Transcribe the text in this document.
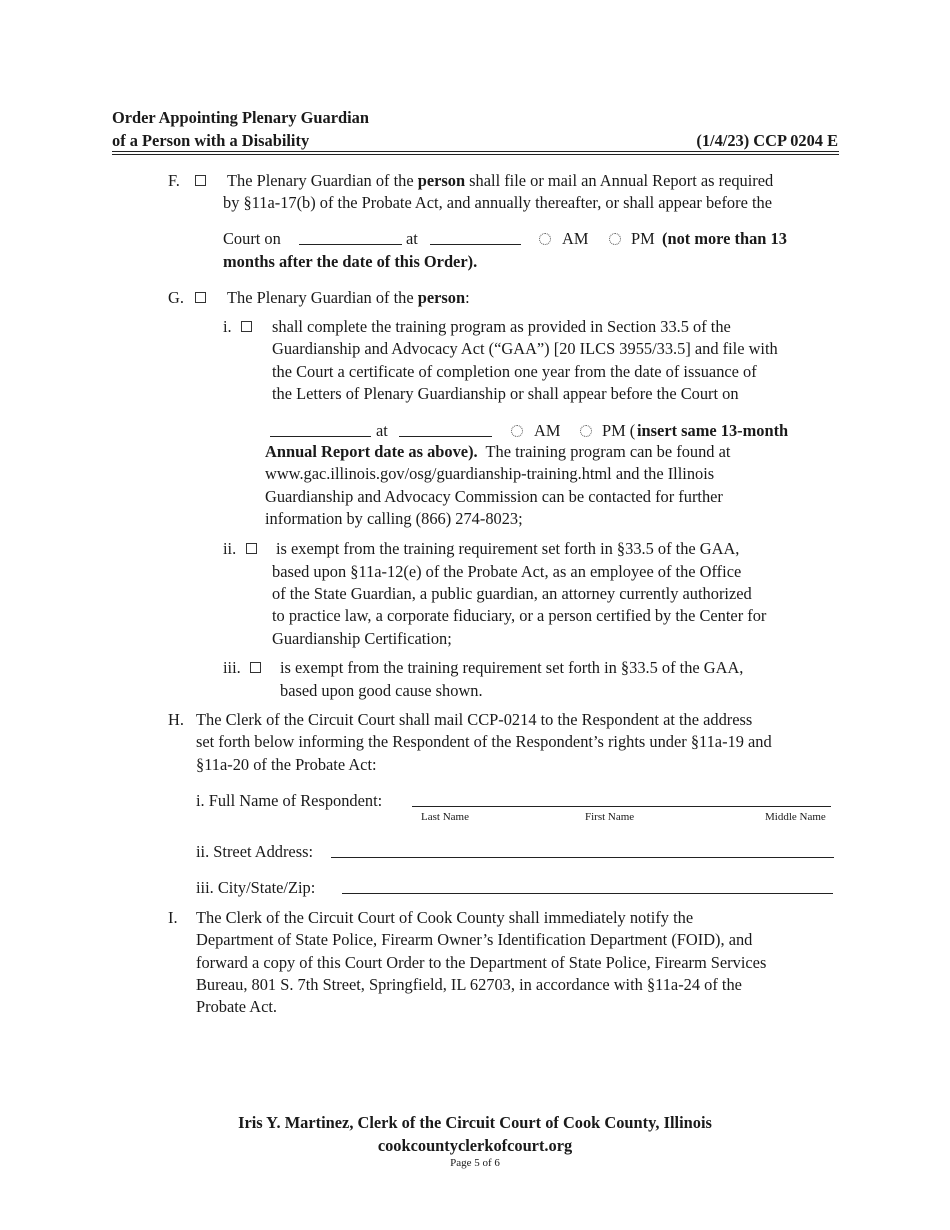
Order Appointing Plenary Guardian
of a Person with a Disability	(1/4/23) CCP 0204 E
F.	The Plenary Guardian of the person shall file or mail an Annual Report as required
by §11a-17(b) of the Probate Act, and annually thereafter, or shall appear before the
Court on	at	AM	PM (not more than 13
months after the date of this Order).
G.	The Plenary Guardian of the person:
i. shall complete the training program as provided in Section 33.5 of the
Guardianship and Advocacy Act (“GAA”) [20 ILCS 3955/33.5] and file with
the Court a certificate of completion one year from the date of issuance of
the Letters of Plenary Guardianship or shall appear before the Court on
at	AM	PM ( insert same 13-month
Annual Report date as above).  The training program can be found at
www.gac.illinois.gov/osg/guardianship-training.html and the Illinois
Guardianship and Advocacy Commission can be contacted for further
information by calling (866) 274-8023;
ii. is exempt from the training requirement set forth in §33.5 of the GAA,
based upon §11a-12(e) of the Probate Act, as an employee of the Office
of the State Guardian, a public guardian, an attorney currently authorized
to practice law, a corporate fiduciary, or a person certified by the Center for
Guardianship Certification;
iii. is exempt from the training requirement set forth in §33.5 of the GAA,
based upon good cause shown.
H. The Clerk of the Circuit Court shall mail CCP-0214 to the Respondent at the address
set forth below informing the Respondent of the Respondent’s rights under §11a-19 and
§11a-20 of the Probate Act:
i. Full Name of Respondent:
Last Name	First Name	Middle Name
ii. Street Address:
iii. City/State/Zip:
I. The Clerk of the Circuit Court of Cook County shall immediately notify the
Department of State Police, Firearm Owner’s Identification Department (FOID), and
forward a copy of this Court Order to the Department of State Police, Firearm Services
Bureau, 801 S. 7th Street, Springfield, IL 62703, in accordance with §11a-24 of the
Probate Act.
Iris Y. Martinez, Clerk of the Circuit Court of Cook County, Illinois
cookcountyclerkofcourt.org
Page 5 of 6
